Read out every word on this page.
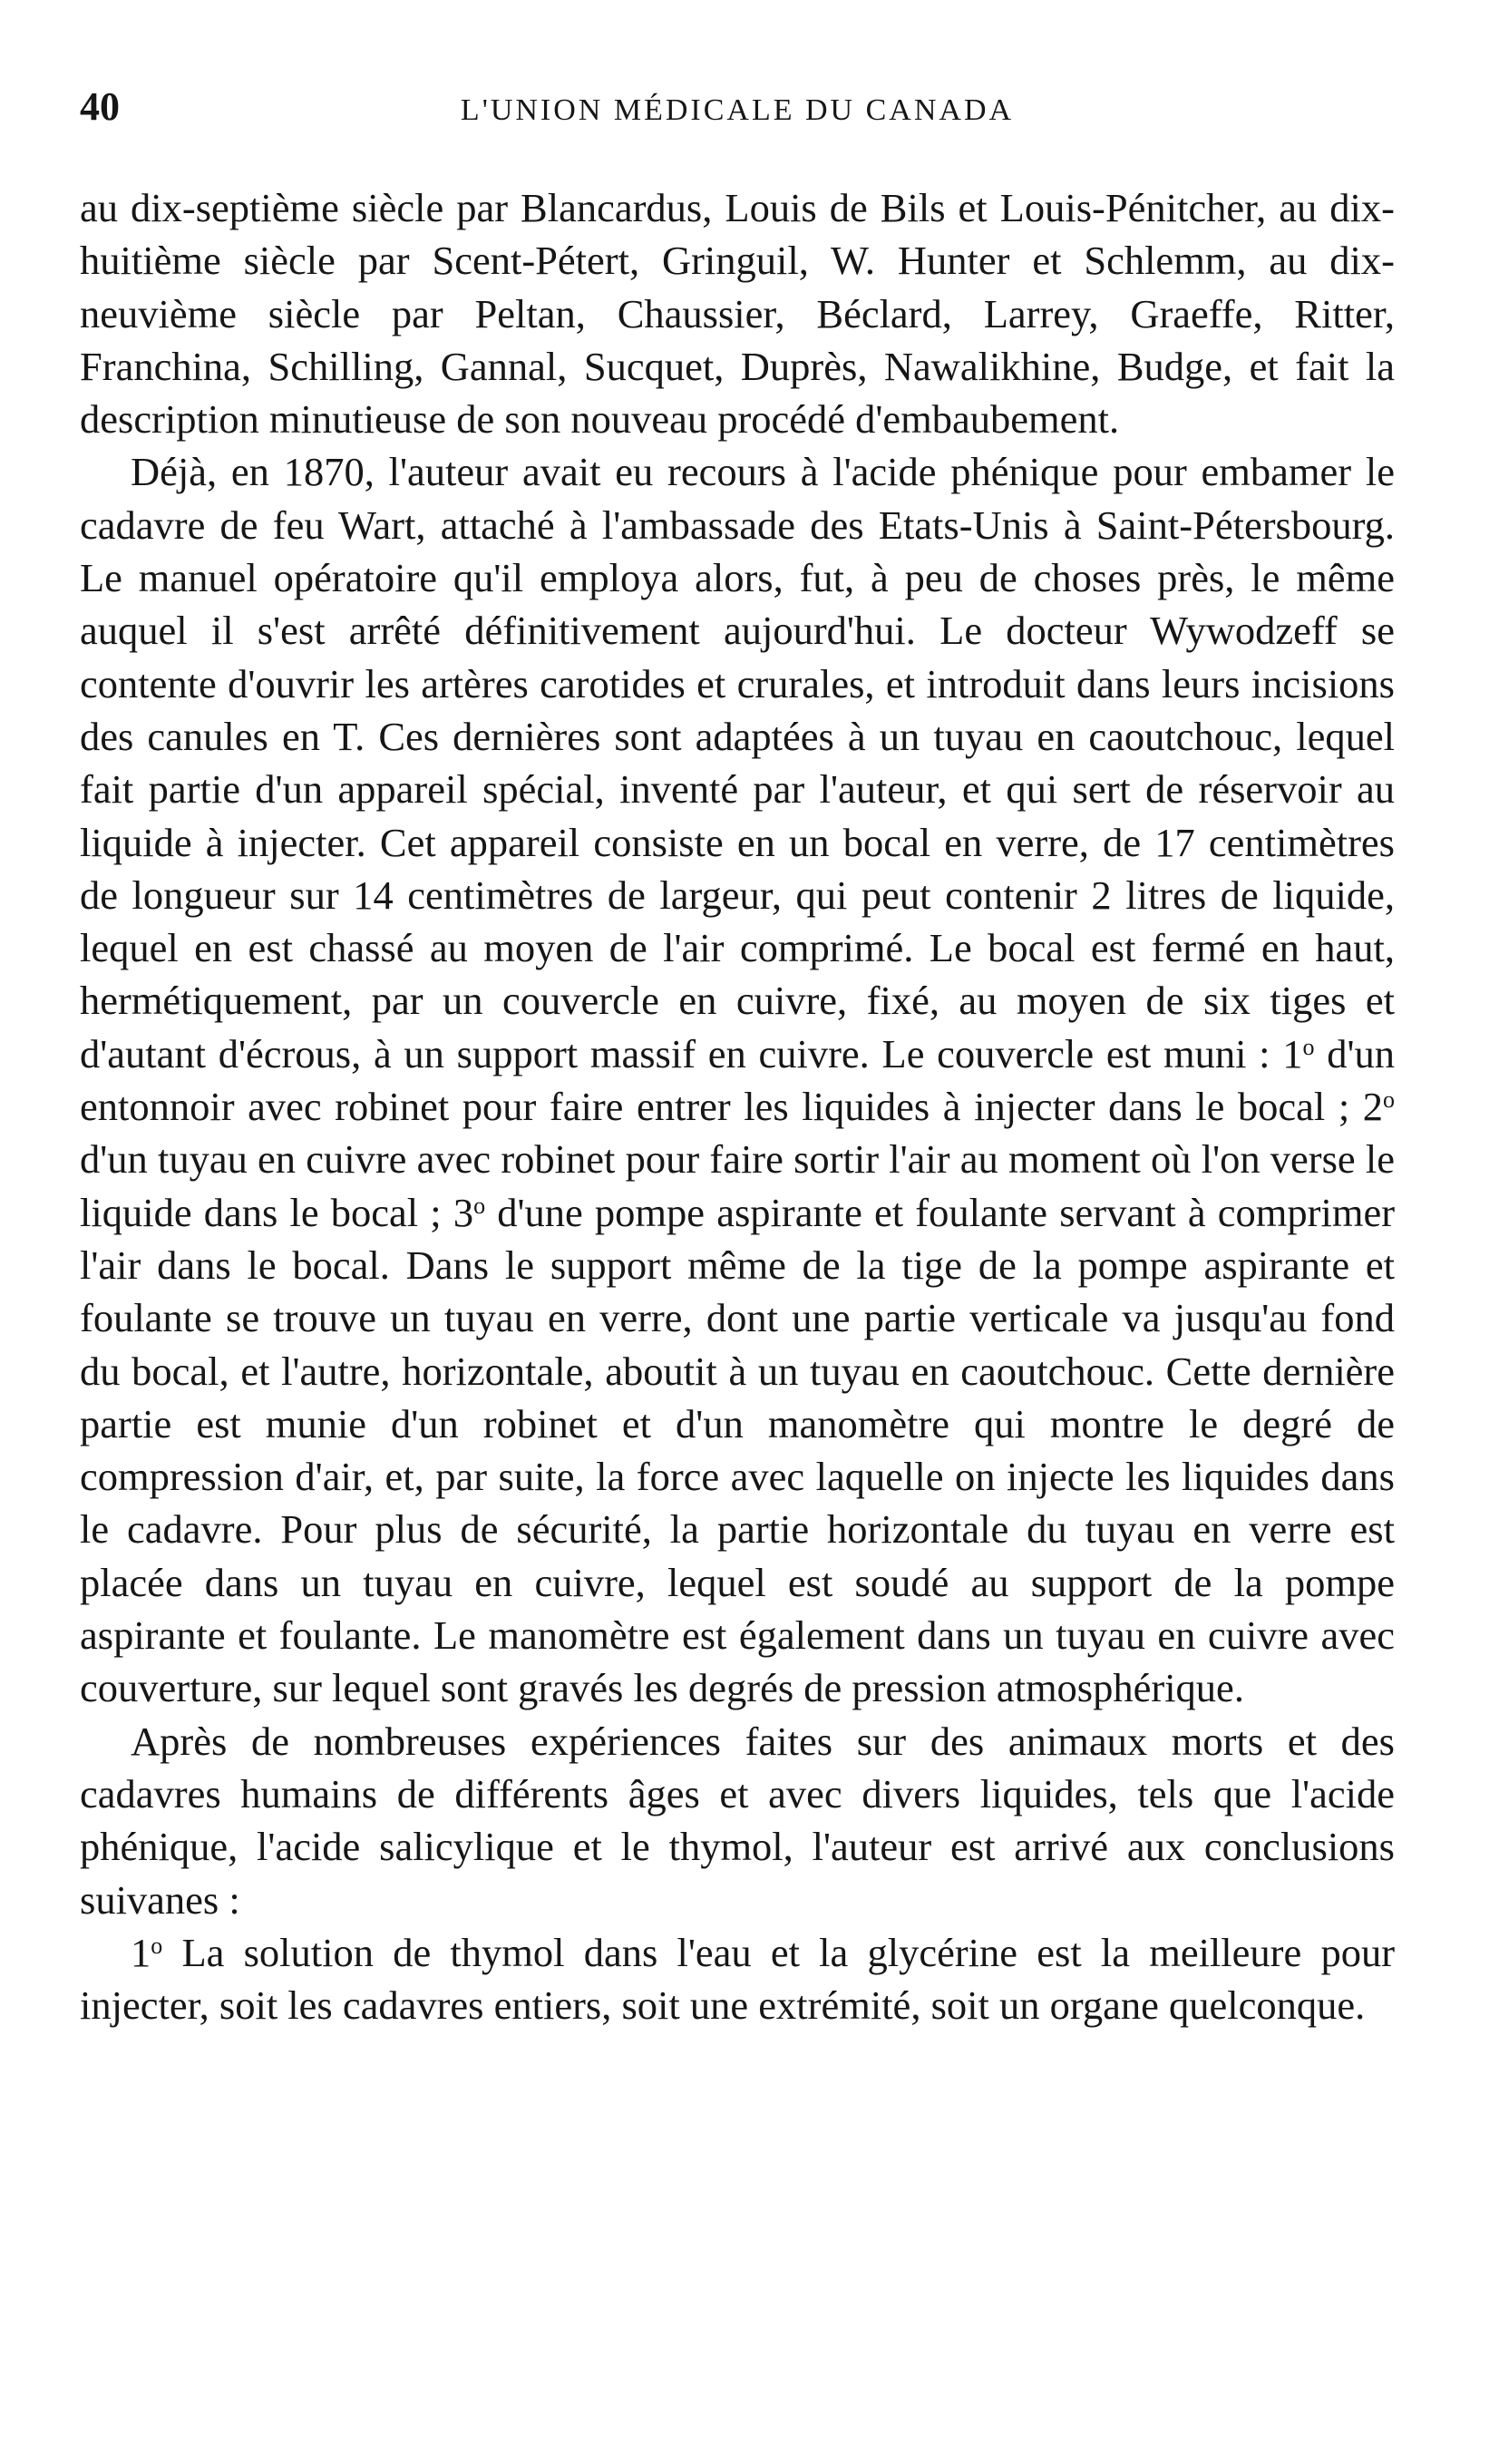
40	L'UNION MÉDICALE DU CANADA

au dix-septième siècle par Blancardus, Louis de Bils et Louis-Pénitcher, au dix-huitième siècle par Scent-Pétert, Gringuil, W. Hunter et Schlemm, au dix-neuvième siècle par Peltan, Chaussier, Béclard, Larrey, Graeffe, Ritter, Franchina, Schilling, Gannal, Sucquet, Duprès, Nawalikhine, Budge, et fait la description minutieuse de son nouveau procédé d'embaubement.

Déjà, en 1870, l'auteur avait eu recours à l'acide phénique pour embamer le cadavre de feu Wart, attaché à l'ambassade des Etats-Unis à Saint-Pétersbourg. Le manuel opératoire qu'il employa alors, fut, à peu de choses près, le même auquel il s'est arrêté définitivement aujourd'hui. Le docteur Wywodzeff se contente d'ouvrir les artères carotides et crurales, et introduit dans leurs incisions des canules en T. Ces dernières sont adaptées à un tuyau en caoutchouc, lequel fait partie d'un appareil spécial, inventé par l'auteur, et qui sert de réservoir au liquide à injecter. Cet appareil consiste en un bocal en verre, de 17 centimètres de longueur sur 14 centimètres de largeur, qui peut contenir 2 litres de liquide, lequel en est chassé au moyen de l'air comprimé. Le bocal est fermé en haut, hermétiquement, par un couvercle en cuivre, fixé, au moyen de six tiges et d'autant d'écrous, à un support massif en cuivre. Le couvercle est muni : 1$^o$ d'un entonnoir avec robinet pour faire entrer les liquides à injecter dans le bocal ; 2$^o$ d'un tuyau en cuivre avec robinet pour faire sortir l'air au moment où l'on verse le liquide dans le bocal ; 3$^o$ d'une pompe aspirante et foulante servant à comprimer l'air dans le bocal. Dans le support même de la tige de la pompe aspirante et foulante se trouve un tuyau en verre, dont une partie verticale va jusqu'au fond du bocal, et l'autre, horizontale, aboutit à un tuyau en caoutchouc. Cette dernière partie est munie d'un robinet et d'un manomètre qui montre le degré de compression d'air, et, par suite, la force avec laquelle on injecte les liquides dans le cadavre. Pour plus de sécurité, la partie horizontale du tuyau en verre est placée dans un tuyau en cuivre, lequel est soudé au support de la pompe aspirante et foulante. Le manomètre est également dans un tuyau en cuivre avec couverture, sur lequel sont gravés les degrés de pression atmosphérique.

Après de nombreuses expériences faites sur des animaux morts et des cadavres humains de différents âges et avec divers liquides, tels que l'acide phénique, l'acide salicylique et le thymol, l'auteur est arrivé aux conclusions suivanes :

1$^o$ La solution de thymol dans l'eau et la glycérine est la meilleure pour injecter, soit les cadavres entiers, soit une extrémité, soit un organe quelconque.
